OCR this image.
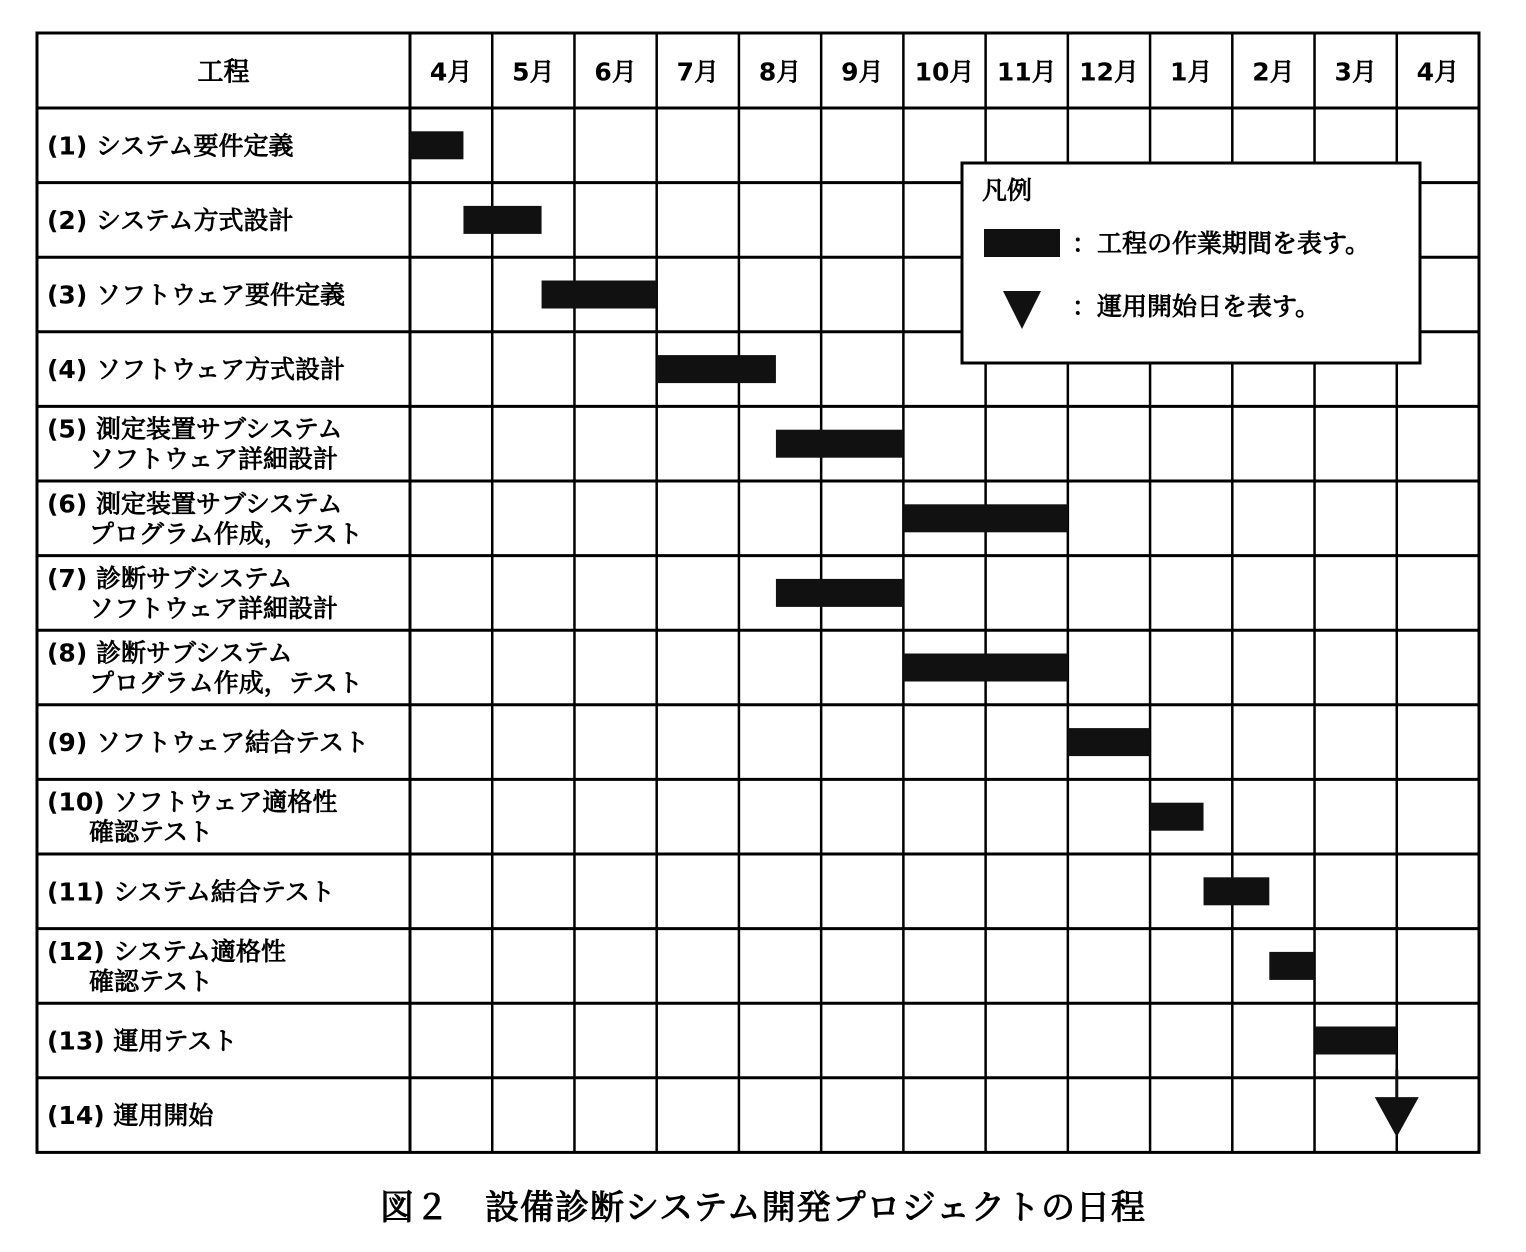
工程	4月 5月 6月 7月 8月 9月 10月 11月 12月 1月 2月 3月 4月
(1) システム要件定義
(2) システム方式設計
(3) ソフトウェア要件定義
(4) ソフトウェア方式設計
(5) 測定装置サブシステム
ソフトウェア詳細設計
(6) 測定装置サブシステム
プログラム作成，テスト
(7) 診断サブシステム
ソフトウェア詳細設計
(8) 診断サブシステム
プログラム作成，テスト
(9) ソフトウェア結合テスト
(10) ソフトウェア適格性
確認テスト
(11) システム結合テスト
(12) システム適格性
確認テスト
(13) 運用テスト
(14) 運用開始
凡例
：工程の作業期間を表す。
：運用開始日を表す。
図２　設備診断システム開発プロジェクトの日程
